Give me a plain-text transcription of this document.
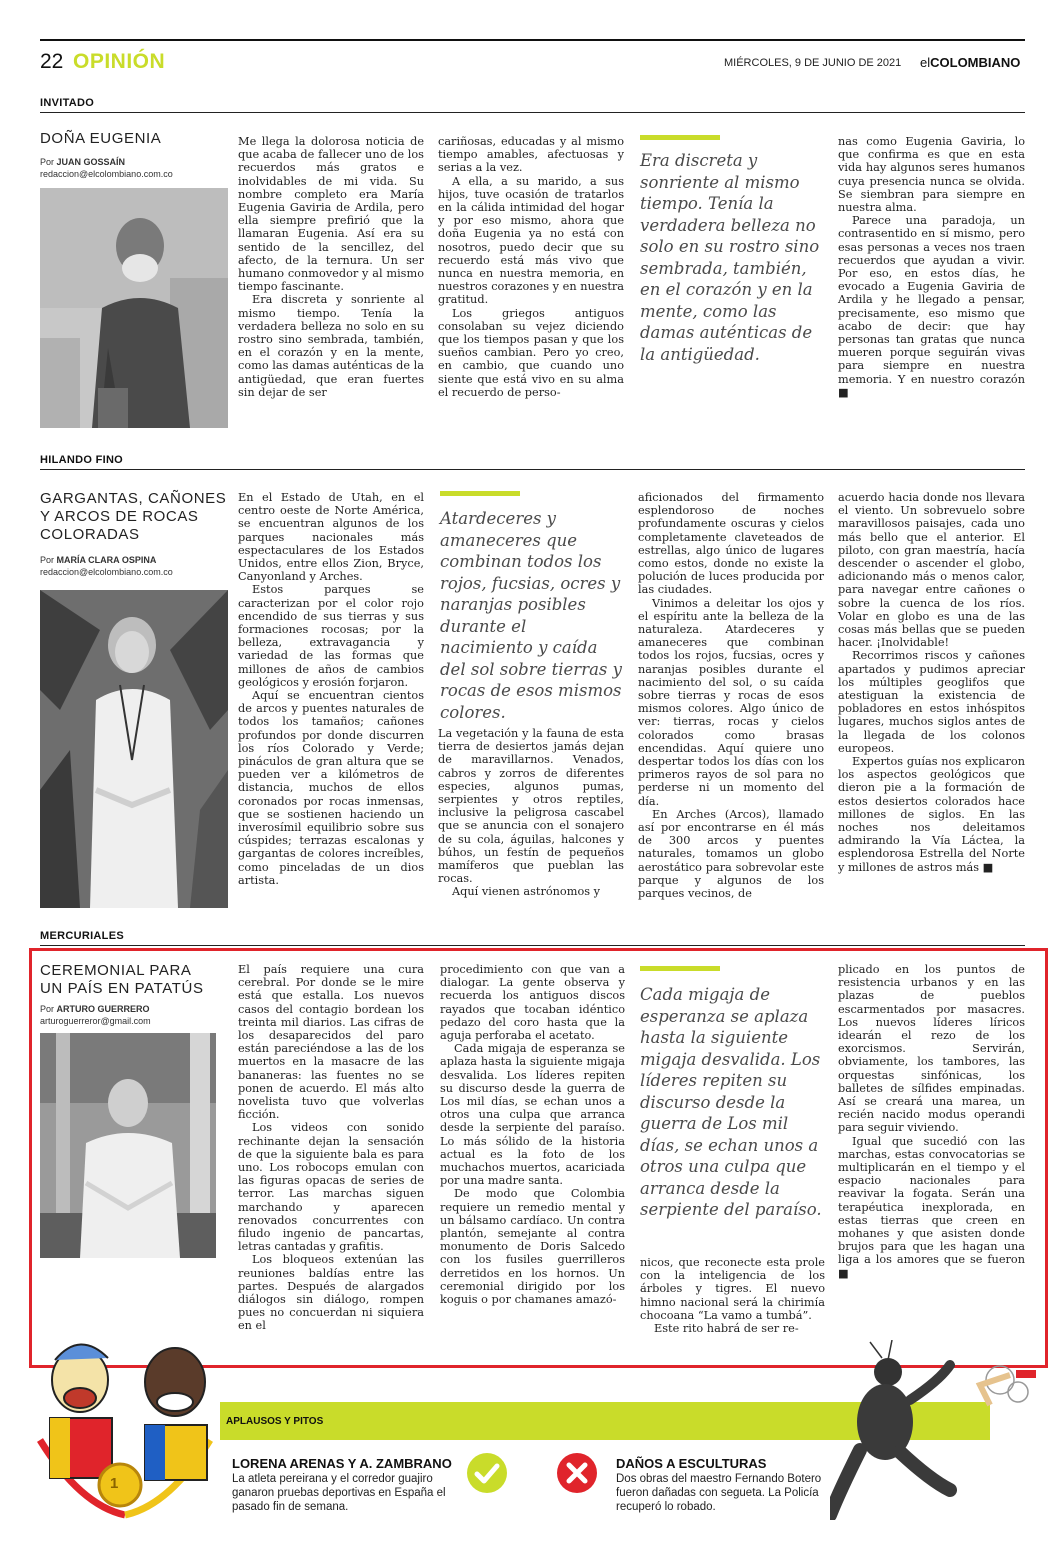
22 OPINIÓN	MIÉRCOLES, 9 DE JUNIO DE 2021 elCOLOMBIANO
INVITADO
DOÑA EUGENIA
Por JUAN GOSSAÍN
redaccion@elcolombiano.com.co

Me llega la dolorosa noticia de que acaba de fallecer uno de los recuerdos más gratos e inolvidables de mi vida. Su nombre completo era María Eugenia Gaviria de Ardila, pero ella siempre prefirió que la llamaran Eugenia. Así era su sentido de la sencillez, del afecto, de la ternura. Un ser humano conmovedor y al mismo tiempo fascinante.

Era discreta y sonriente al mismo tiempo. Tenía la verdadera belleza no solo en su rostro sino sembrada, también, en el corazón y en la mente, como las damas auténticas de la antigüedad, que eran fuertes sin dejar de ser

cariñosas, educadas y al mismo tiempo amables, afectuosas y serias a la vez.

A ella, a su marido, a sus hijos, tuve ocasión de tratarlos en la cálida intimidad del hogar y por eso mismo, ahora que doña Eugenia ya no está con nosotros, puedo decir que su recuerdo está más vivo que nunca en nuestra memoria, en nuestros corazones y en nuestra gratitud.

Los griegos antiguos consolaban su vejez diciendo que los tiempos pasan y que los sueños cambian. Pero yo creo, en cambio, que cuando uno siente que está vivo en su alma el recuerdo de perso-

Era discreta y sonriente al mismo tiempo. Tenía la verdadera belleza no solo en su rostro sino sembrada, también, en el corazón y en la mente, como las damas auténticas de la antigüedad.

nas como Eugenia Gaviria, lo que confirma es que en esta vida hay algunos seres humanos cuya presencia nunca se olvida. Se siembran para siempre en nuestra alma.

Parece una paradoja, un contrasentido en sí mismo, pero esas personas a veces nos traen recuerdos que ayudan a vivir. Por eso, en estos días, he evocado a Eugenia Gaviria de Ardila y he llegado a pensar, precisamente, eso mismo que acabo de decir: que hay personas tan gratas que nunca mueren porque seguirán vivas para siempre en nuestra memoria. Y en nuestro corazón ■

HILANDO FINO
GARGANTAS, CAÑONES Y ARCOS DE ROCAS COLORADAS
Por MARÍA CLARA OSPINA
redaccion@elcolombiano.com.co

En el Estado de Utah, en el centro oeste de Norte América, se encuentran algunos de los parques nacionales más espectaculares de los Estados Unidos, entre ellos Zion, Bryce, Canyonland y Arches.

Estos parques se caracterizan por el color rojo encendido de sus tierras y sus formaciones rocosas; por la belleza, extravagancia y variedad de las formas que millones de años de cambios geológicos y erosión forjaron.

Aquí se encuentran cientos de arcos y puentes naturales de todos los tamaños; cañones profundos por donde discurren los ríos Colorado y Verde; pináculos de gran altura que se pueden ver a kilómetros de distancia, muchos de ellos coronados por rocas inmensas, que se sostienen haciendo un inverosímil equilibrio sobre sus cúspides; terrazas escalonas y gargantas de colores increíbles, como pinceladas de un dios artista.

Atardeceres y amaneceres que combinan todos los rojos, fucsias, ocres y naranjas posibles durante el nacimiento y caída del sol sobre tierras y rocas de esos mismos colores.

La vegetación y la fauna de esta tierra de desiertos jamás dejan de maravillarnos. Venados, cabros y zorros de diferentes especies, algunos pumas, serpientes y otros reptiles, inclusive la peligrosa cascabel que se anuncia con el sonajero de su cola, águilas, halcones y búhos, un festín de pequeños mamíferos que pueblan las rocas.

Aquí vienen astrónomos y

aficionados del firmamento esplendoroso de noches profundamente oscuras y cielos completamente claveteados de estrellas, algo único de lugares como estos, donde no existe la polución de luces producida por las ciudades.

Vinimos a deleitar los ojos y el espíritu ante la belleza de la naturaleza. Atardeceres y amaneceres que combinan todos los rojos, fucsias, ocres y naranjas posibles durante el nacimiento del sol, o su caída sobre tierras y rocas de esos mismos colores. Algo único de ver: tierras, rocas y cielos colorados como brasas encendidas. Aquí quiere uno despertar todos los días con los primeros rayos de sol para no perderse ni un momento del día.

En Arches (Arcos), llamado así por encontrarse en él más de 300 arcos y puentes naturales, tomamos un globo aerostático para sobrevolar este parque y algunos de los parques vecinos, de

acuerdo hacia donde nos llevara el viento. Un sobrevuelo sobre maravillosos paisajes, cada uno más bello que el anterior. El piloto, con gran maestría, hacía descender o ascender el globo, adicionando más o menos calor, para navegar entre cañones o sobre la cuenca de los ríos. Volar en globo es una de las cosas más bellas que se pueden hacer. ¡Inolvidable!

Recorrimos riscos y cañones apartados y pudimos apreciar los múltiples geoglifos que atestiguan la existencia de pobladores en estos inhóspitos lugares, muchos siglos antes de la llegada de los colonos europeos.

Expertos guías nos explicaron los aspectos geológicos que dieron pie a la formación de estos desiertos colorados hace millones de siglos. En las noches nos deleitamos admirando la Vía Láctea, la esplendorosa Estrella del Norte y millones de astros más ■

MERCURIALES
CEREMONIAL PARA UN PAÍS EN PATATÚS
Por ARTURO GUERRERO
arturoguerreror@gmail.com

El país requiere una cura cerebral. Por donde se le mire está que estalla. Los nuevos casos del contagio bordean los treinta mil diarios. Las cifras de los desaparecidos del paro están pareciéndose a las de los muertos en la masacre de las bananeras: las fuentes no se ponen de acuerdo. El más alto novelista tuvo que volverlas ficción.

Los videos con sonido rechinante dejan la sensación de que la siguiente bala es para uno. Los robocops emulan con las figuras opacas de series de terror. Las marchas siguen marchando y aparecen renovados concurrentes con filudo ingenio de pancartas, letras cantadas y grafitis.

Los bloqueos extenúan las reuniones baldías entre las partes. Después de alargados diálogos sin diálogo, rompen pues no concuerdan ni siquiera en el

procedimiento con que van a dialogar. La gente observa y recuerda los antiguos discos rayados que tocaban idéntico pedazo del coro hasta que la aguja perforaba el acetato.

Cada migaja de esperanza se aplaza hasta la siguiente migaja desvalida. Los líderes repiten su discurso desde la guerra de Los mil días, se echan unos a otros una culpa que arranca desde la serpiente del paraíso. Lo más sólido de la historia actual es la foto de los muchachos muertos, acariciada por una madre santa.

De modo que Colombia requiere un remedio mental y un bálsamo cardíaco. Un contra plantón, semejante al contra monumento de Doris Salcedo con los fusiles guerrilleros derretidos en los hornos. Un ceremonial dirigido por los koguis o por chamanes amazó-

Cada migaja de esperanza se aplaza hasta la siguiente migaja desvalida. Los líderes repiten su discurso desde la guerra de Los mil días, se echan unos a otros una culpa que arranca desde la serpiente del paraíso.

nicos, que reconecte esta prole con la inteligencia de los árboles y tigres. El nuevo himno nacional será la chirimía chocoana “La vamo a tumbá”.

Este rito habrá de ser re-

plicado en los puntos de resistencia urbanos y en las plazas de pueblos escarmentados por masacres. Los nuevos líderes líricos idearán el rezo de los exorcismos. Servirán, obviamente, los tambores, las orquestas sinfónicas, los balletes de sílfides empinadas. Así se creará una marea, un recién nacido modus operandi para seguir viviendo.

Igual que sucedió con las marchas, estas convocatorias se multiplicarán en el tiempo y el espacio nacionales para reavivar la fogata. Serán una terapéutica inexplorada, en estas tierras que creen en mohanes y que asisten donde brujos para que les hagan una liga a los amores que se fueron ■

APLAUSOS Y PITOS
1
LORENA ARENAS Y A. ZAMBRANO
La atleta pereirana y el corredor guajiro ganaron pruebas deportivas en España el pasado fin de semana.
DAÑOS A ESCULTURAS
Dos obras del maestro Fernando Botero fueron dañadas con segueta. La Policía recuperó lo robado.
